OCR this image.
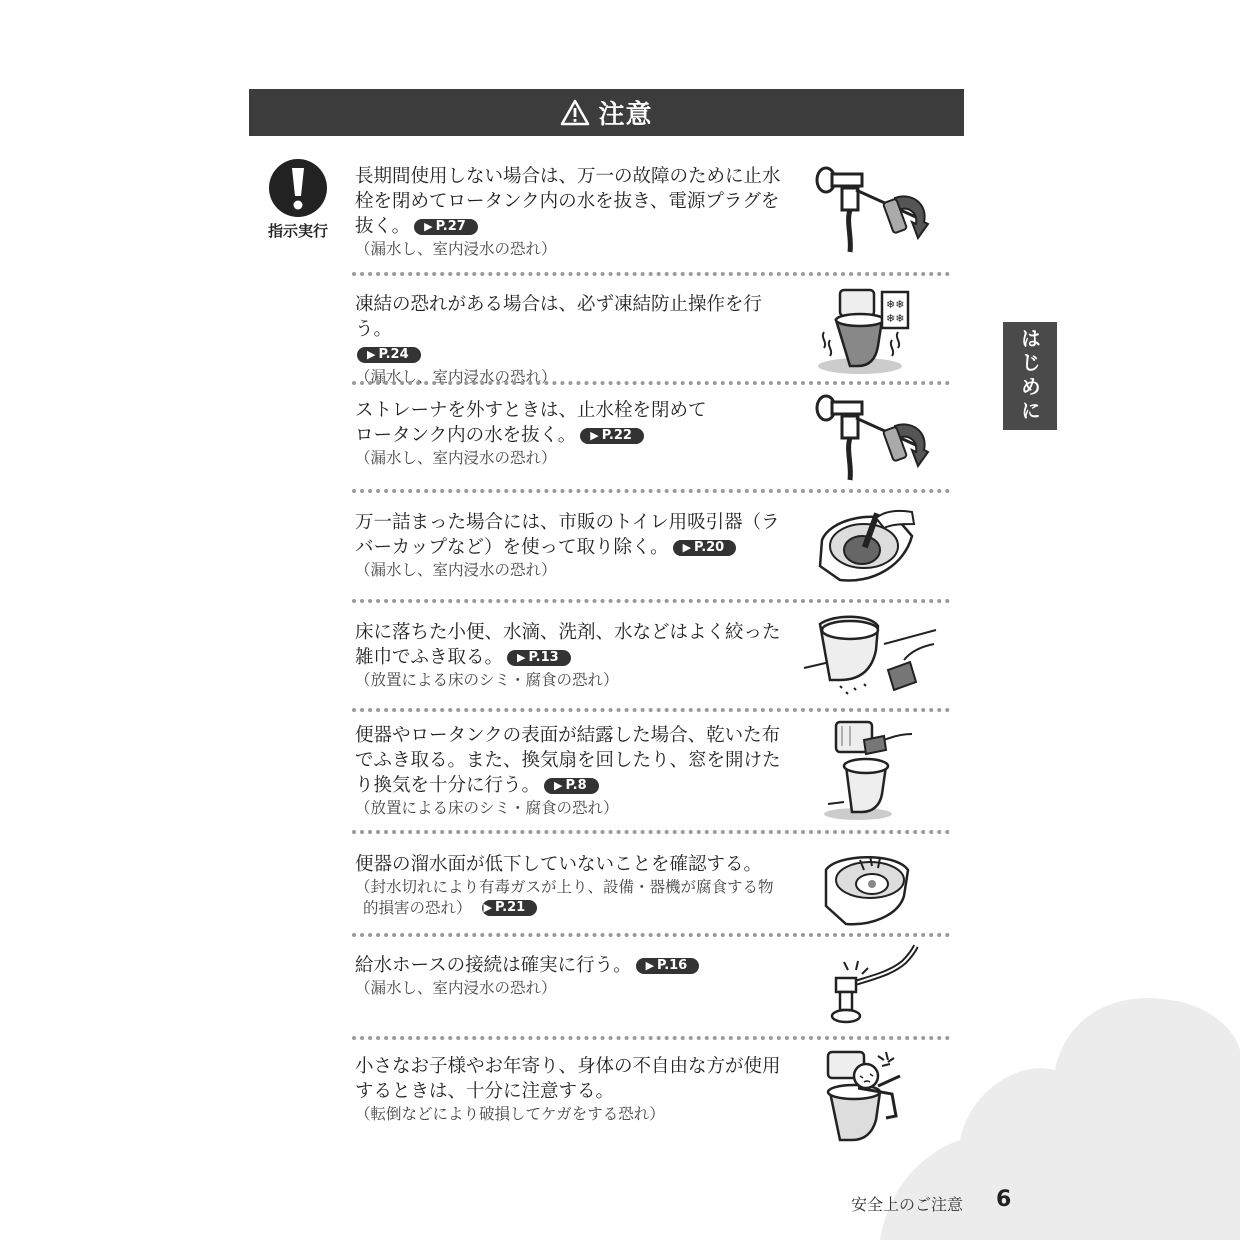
注意
はじめに
指示実行

長期間使用しない場合は、万一の故障のために止水栓を閉めてロータンク内の水を抜き、電源プラグを抜く。 ▶ P.27

（漏水し、室内浸水の恐れ）

凍結の恐れがある場合は、必ず凍結防止操作を行う。
▶ P.24

（漏水し、室内浸水の恐れ）

❄❄
❄❄

ストレーナを外すときは、止水栓を閉めてロータンク内の水を抜く。 ▶ P.22

（漏水し、室内浸水の恐れ）

万一詰まった場合には、市販のトイレ用吸引器（ラバーカップなど）を使って取り除く。 ▶ P.20

（漏水し、室内浸水の恐れ）

床に落ちた小便、水滴、洗剤、水などはよく絞った雑巾でふき取る。 ▶ P.13

（放置による床のシミ・腐食の恐れ）

便器やロータンクの表面が結露した場合、乾いた布でふき取る。また、換気扇を回したり、窓を開けたり換気を十分に行う。 ▶ P.8

（放置による床のシミ・腐食の恐れ）

便器の溜水面が低下していないことを確認する。

（封水切れにより有毒ガスが上り、設備・器機が腐食する物的損害の恐れ） ▶ P.21

給水ホースの接続は確実に行う。 ▶ P.16

（漏水し、室内浸水の恐れ）

小さなお子様やお年寄り、身体の不自由な方が使用するときは、十分に注意する。

（転倒などにより破損してケガをする恐れ）

安全上のご注意 6
